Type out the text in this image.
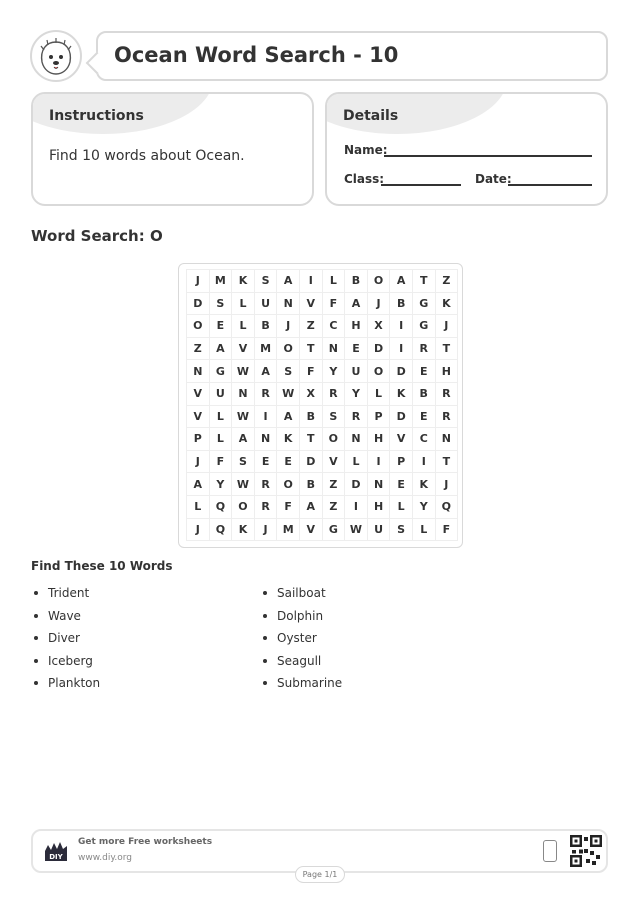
Ocean Word Search - 10
Instructions
Find 10 words about Ocean.
Details
Name:
Class:	Date:
Word Search: O
J	M	K	S	A	I	L	B	O	A	T	Z
D	S	L	U	N	V	F	A	J	B	G	K
O	E	L	B	J	Z	C	H	X	I	G	J
Z	A	V	M	O	T	N	E	D	I	R	T
N	G	W	A	S	F	Y	U	O	D	E	H
V	U	N	R	W	X	R	Y	L	K	B	R
V	L	W	I	A	B	S	R	P	D	E	R
P	L	A	N	K	T	O	N	H	V	C	N
J	F	S	E	E	D	V	L	I	P	I	T
A	Y	W	R	O	B	Z	D	N	E	K	J
L	Q	O	R	F	A	Z	I	H	L	Y	Q
J	Q	K	J	M	V	G	W	U	S	L	F
Find These 10 Words
Trident
Wave
Diver
Iceberg
Plankton
Sailboat
Dolphin
Oyster
Seagull
Submarine
DIY
Get more Free worksheets
www.diy.org
Page 1/1
